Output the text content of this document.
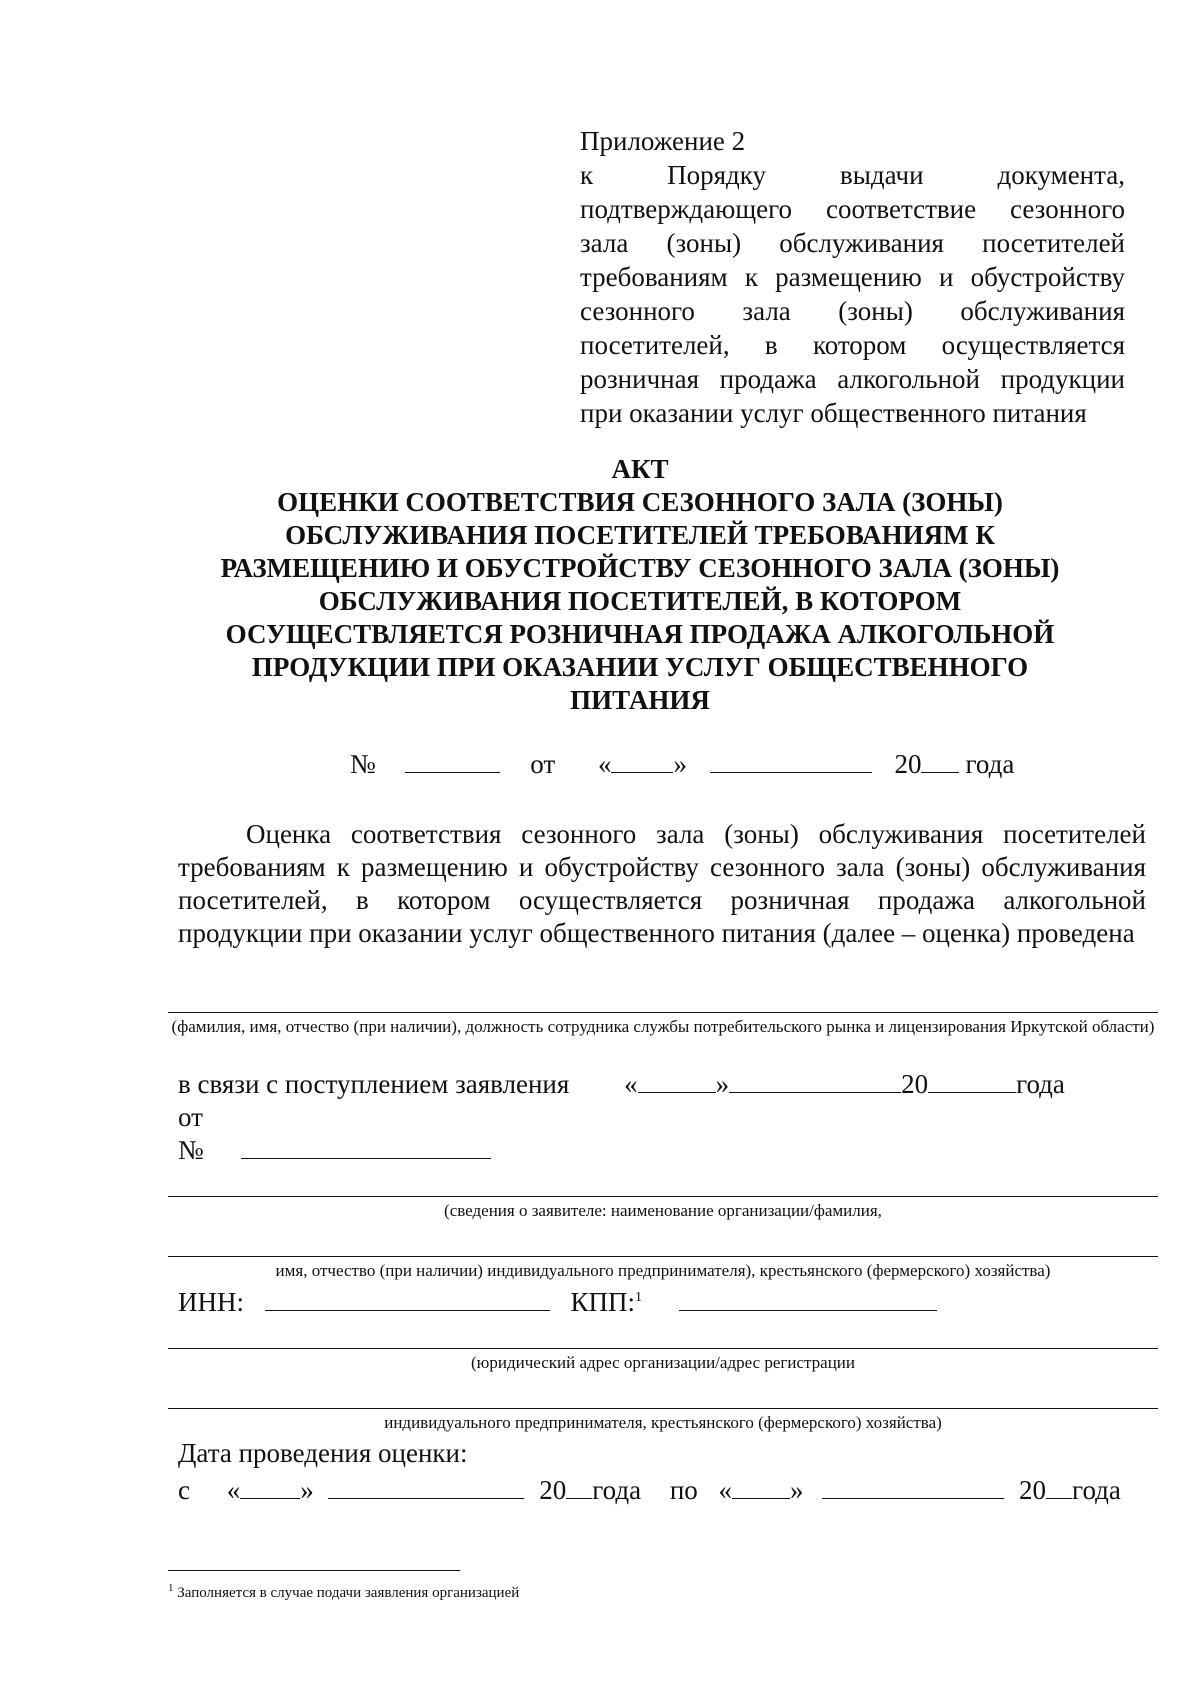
Приложение 2
к Порядку выдачи документа, подтверждающего соответствие сезонного зала (зоны) обслуживания посетителей требованиям к размещению и обустройству сезонного зала (зоны) обслуживания посетителей, в котором осуществляется розничная продажа алкогольной продукции при оказании услуг общественного питания
АКТ
ОЦЕНКИ СООТВЕТСТВИЯ СЕЗОННОГО ЗАЛА (ЗОНЫ) ОБСЛУЖИВАНИЯ ПОСЕТИТЕЛЕЙ ТРЕБОВАНИЯМ К РАЗМЕЩЕНИЮ И ОБУСТРОЙСТВУ СЕЗОННОГО ЗАЛА (ЗОНЫ) ОБСЛУЖИВАНИЯ ПОСЕТИТЕЛЕЙ, В КОТОРОМ ОСУЩЕСТВЛЯЕТСЯ РОЗНИЧНАЯ ПРОДАЖА АЛКОГОЛЬНОЙ ПРОДУКЦИИ ПРИ ОКАЗАНИИ УСЛУГ ОБЩЕСТВЕННОГО ПИТАНИЯ
№	от « »	20 года
Оценка соответствия сезонного зала (зоны) обслуживания посетителей требованиям к размещению и обустройству сезонного зала (зоны) обслуживания посетителей, в котором осуществляется розничная продажа алкогольной продукции при оказании услуг общественного питания (далее – оценка) проведена
(фамилия, имя, отчество (при наличии), должность сотрудника службы потребительского рынка и лицензирования Иркутской области)
в связи с поступлением заявления «	»	20	года
от
№
(сведения о заявителе: наименование организации/фамилия,
имя, отчество (при наличии) индивидуального предпринимателя), крестьянского (фермерского) хозяйства)
ИНН:	КПП:$^1$
(юридический адрес организации/адрес регистрации
индивидуального предпринимателя, крестьянского (фермерского) хозяйства)
Дата проведения оценки:
с « »	20 года по « »	20 года
$^1$ Заполняется в случае подачи заявления организацией
